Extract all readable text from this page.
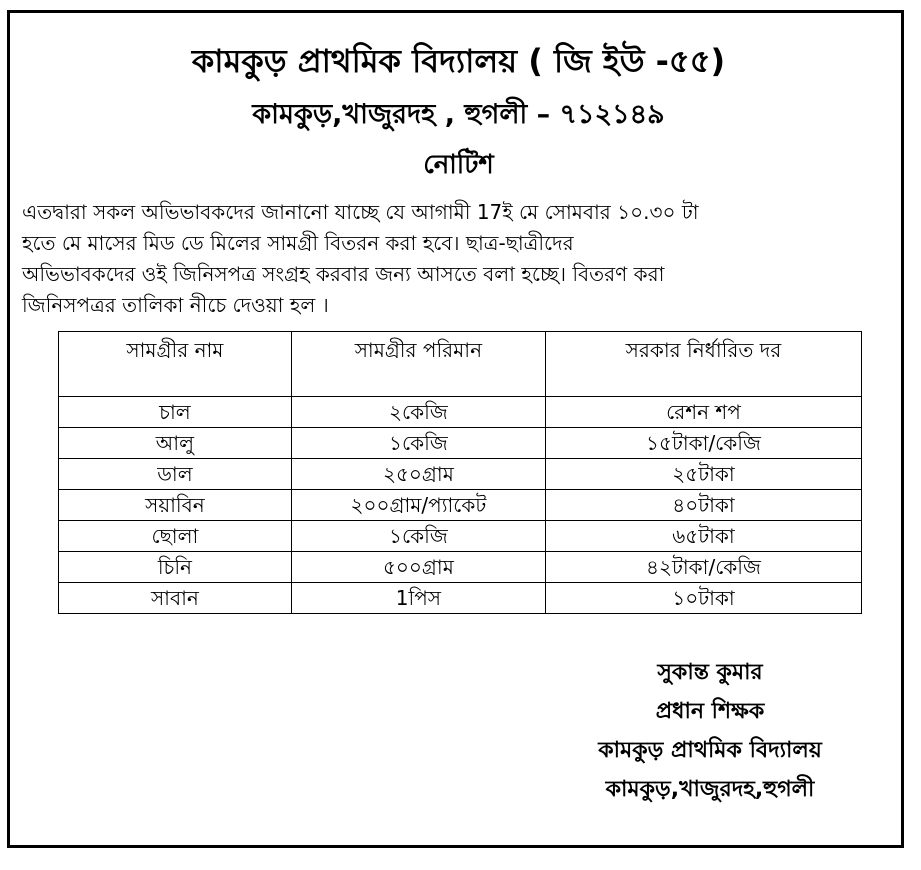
কামকুড় প্রাথমিক বিদ্যালয় ( জি ইউ -৫৫)
কামকুড়,খাজুরদহ , হুগলী – ৭১২১৪৯
নোটিশ
এতদ্বারা সকল অভিভাবকদের জানানো যাচ্ছে যে আগামী 17ই মে সোমবার ১০.৩০ টা
হতে মে মাসের মিড ডে মিলের সামগ্রী বিতরন করা হবে। ছাত্র-ছাত্রীদের
অভিভাবকদের ওই জিনিসপত্র সংগ্রহ করবার জন্য আসতে বলা হচ্ছে। বিতরণ করা
জিনিসপত্রর তালিকা নীচে দেওয়া হল ।
সামগ্রীর নাম	সামগ্রীর পরিমান	সরকার নির্ধারিত দর
চাল	২কেজি	রেশন শপ
আলু	১কেজি	১৫টাকা/কেজি
ডাল	২৫০গ্রাম	২৫টাকা
সয়াবিন	২০০গ্রাম/প্যাকেট	৪০টাকা
ছোলা	১কেজি	৬৫টাকা
চিনি	৫০০গ্রাম	৪২টাকা/কেজি
সাবান	1পিস	১০টাকা
সুকান্ত কুমার
প্রধান শিক্ষক
কামকুড় প্রাথমিক বিদ্যালয়
কামকুড়,খাজুরদহ,হুগলী
